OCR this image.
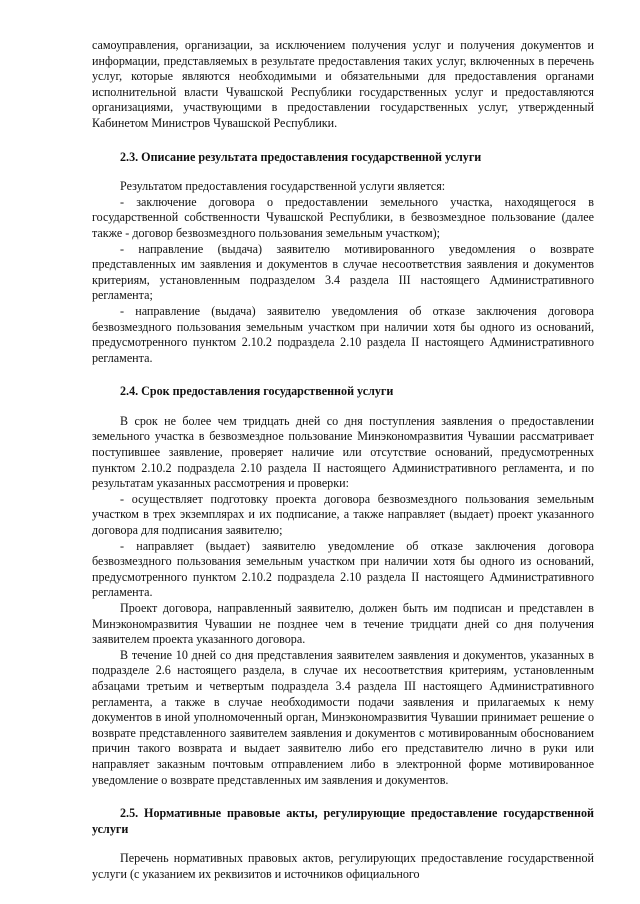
самоуправления, организации, за исключением получения услуг и получения документов и информации, представляемых в результате предоставления таких услуг, включенных в перечень услуг, которые являются необходимыми и обязательными для предоставления органами исполнительной власти Чувашской Республики государственных услуг и предоставляются организациями, участвующими в предоставлении государственных услуг, утвержденный Кабинетом Министров Чувашской Республики.

2.3. Описание результата предоставления государственной услуги

Результатом предоставления государственной услуги является:

- заключение договора о предоставлении земельного участка, находящегося в государственной собственности Чувашской Республики, в безвозмездное пользование (далее также - договор безвозмездного пользования земельным участком);

- направление (выдача) заявителю мотивированного уведомления о возврате представленных им заявления и документов в случае несоответствия заявления и документов критериям, установленным подразделом 3.4 раздела III настоящего Административного регламента;

- направление (выдача) заявителю уведомления об отказе заключения договора безвозмездного пользования земельным участком при наличии хотя бы одного из оснований, предусмотренного пунктом 2.10.2 подраздела 2.10 раздела II настоящего Административного регламента.

2.4. Срок предоставления государственной услуги

В срок не более чем тридцать дней со дня поступления заявления о предоставлении земельного участка в безвозмездное пользование Минэкономразвития Чувашии рассматривает поступившее заявление, проверяет наличие или отсутствие оснований, предусмотренных пунктом 2.10.2 подраздела 2.10 раздела II настоящего Административного регламента, и по результатам указанных рассмотрения и проверки:

- осуществляет подготовку проекта договора безвозмездного пользования земельным участком в трех экземплярах и их подписание, а также направляет (выдает) проект указанного договора для подписания заявителю;

- направляет (выдает) заявителю уведомление об отказе заключения договора безвозмездного пользования земельным участком при наличии хотя бы одного из оснований, предусмотренного пунктом 2.10.2 подраздела 2.10 раздела II настоящего Административного регламента.

Проект договора, направленный заявителю, должен быть им подписан и представлен в Минэкономразвития Чувашии не позднее чем в течение тридцати дней со дня получения заявителем проекта указанного договора.

В течение 10 дней со дня представления заявителем заявления и документов, указанных в подразделе 2.6 настоящего раздела, в случае их несоответствия критериям, установленным абзацами третьим и четвертым подраздела 3.4 раздела III настоящего Административного регламента, а также в случае необходимости подачи заявления и прилагаемых к нему документов в иной уполномоченный орган, Минэкономразвития Чувашии принимает решение о возврате представленного заявителем заявления и документов с мотивированным обоснованием причин такого возврата и выдает заявителю либо его представителю лично в руки или направляет заказным почтовым отправлением либо в электронной форме мотивированное уведомление о возврате представленных им заявления и документов.

2.5. Нормативные правовые акты, регулирующие предоставление государственной услуги

Перечень нормативных правовых актов, регулирующих предоставление государственной услуги (с указанием их реквизитов и источников официального
